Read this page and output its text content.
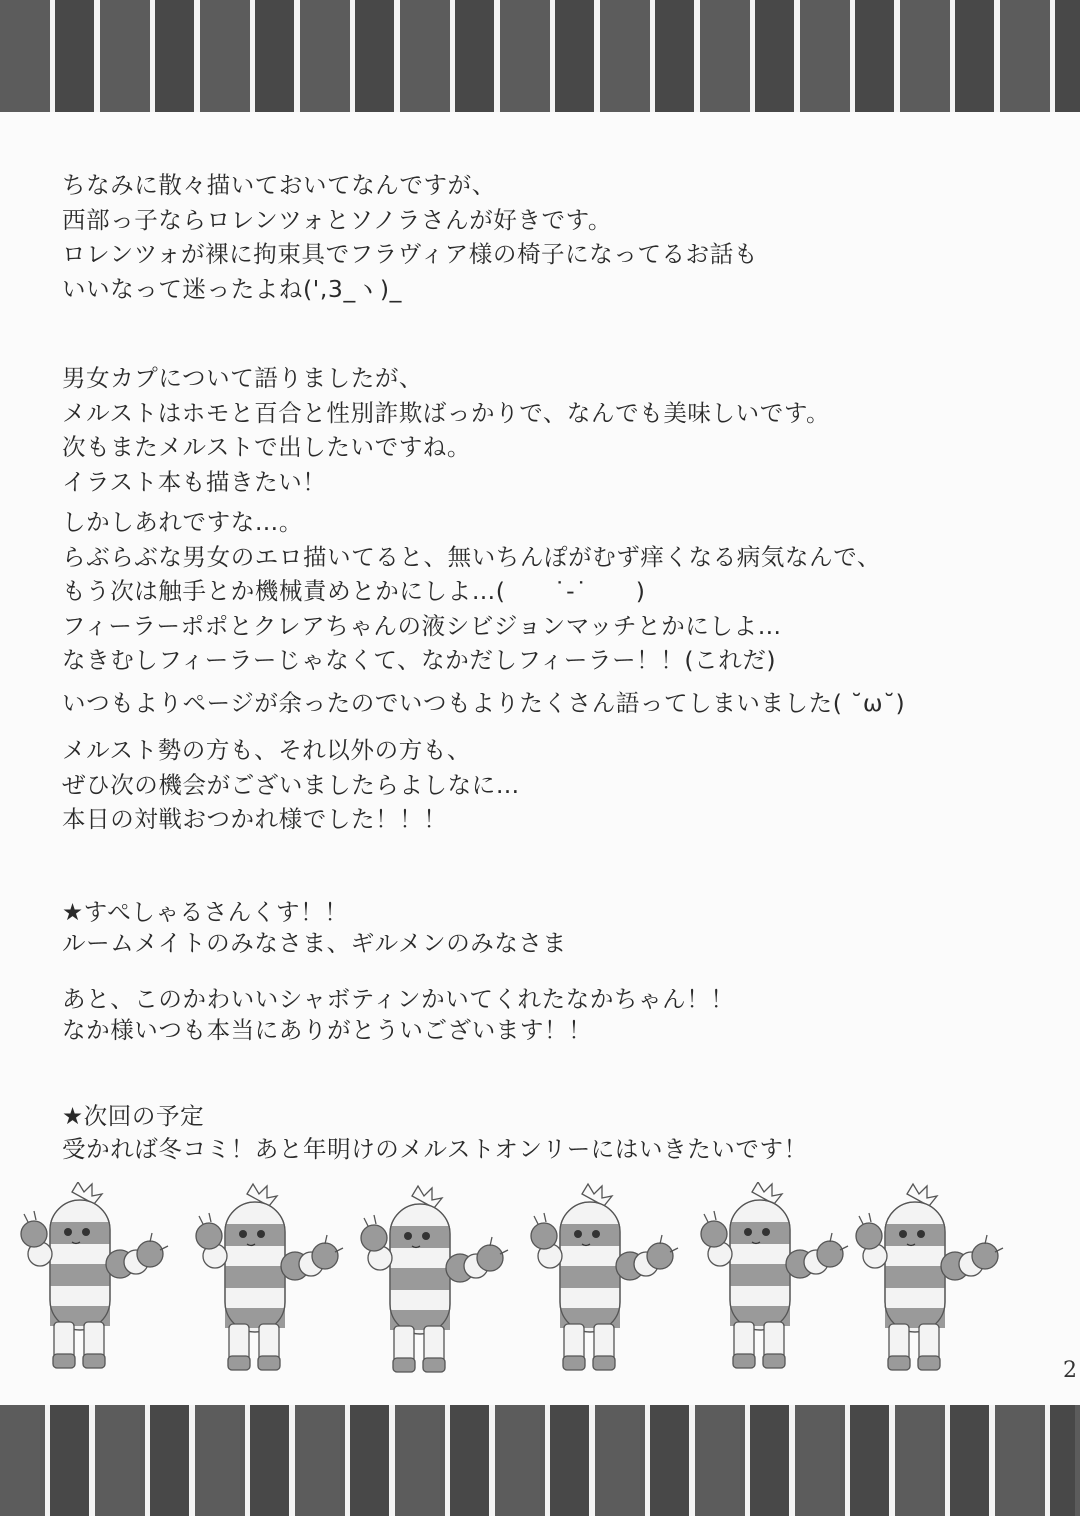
ちなみに散々描いておいてなんですが、
西部っ子ならロレンツォとソノラさんが好きです。
ロレンツォが裸に拘束具でフラヴィア様の椅子になってるお話も
いいなって迷ったよね(',3_ヽ)_
男女カプについて語りましたが、
メルストはホモと百合と性別詐欺ばっかりで、なんでも美味しいです。
次もまたメルストで出したいですね。
イラスト本も描きたい！
しかしあれですな…。
らぶらぶな男女のエロ描いてると、無いちんぽがむず痒くなる病気なんで、
もう次は触手とか機械責めとかにしよ…(　　˙-˙　　)
フィーラーポポとクレアちゃんの液シビジョンマッチとかにしよ…
なきむしフィーラーじゃなくて、なかだしフィーラー！！(これだ)
いつもよりページが余ったのでいつもよりたくさん語ってしまいました( ˘ω˘)
メルスト勢の方も、それ以外の方も、
ぜひ次の機会がございましたらよしなに…
本日の対戦おつかれ様でした！！！
★すぺしゃるさんくす！！
ルームメイトのみなさま、ギルメンのみなさま
あと、このかわいいシャボティンかいてくれたなかちゃん！！
なか様いつも本当にありがとういございます！！
★次回の予定
受かれば冬コミ！あと年明けのメルストオンリーにはいきたいです！
2
